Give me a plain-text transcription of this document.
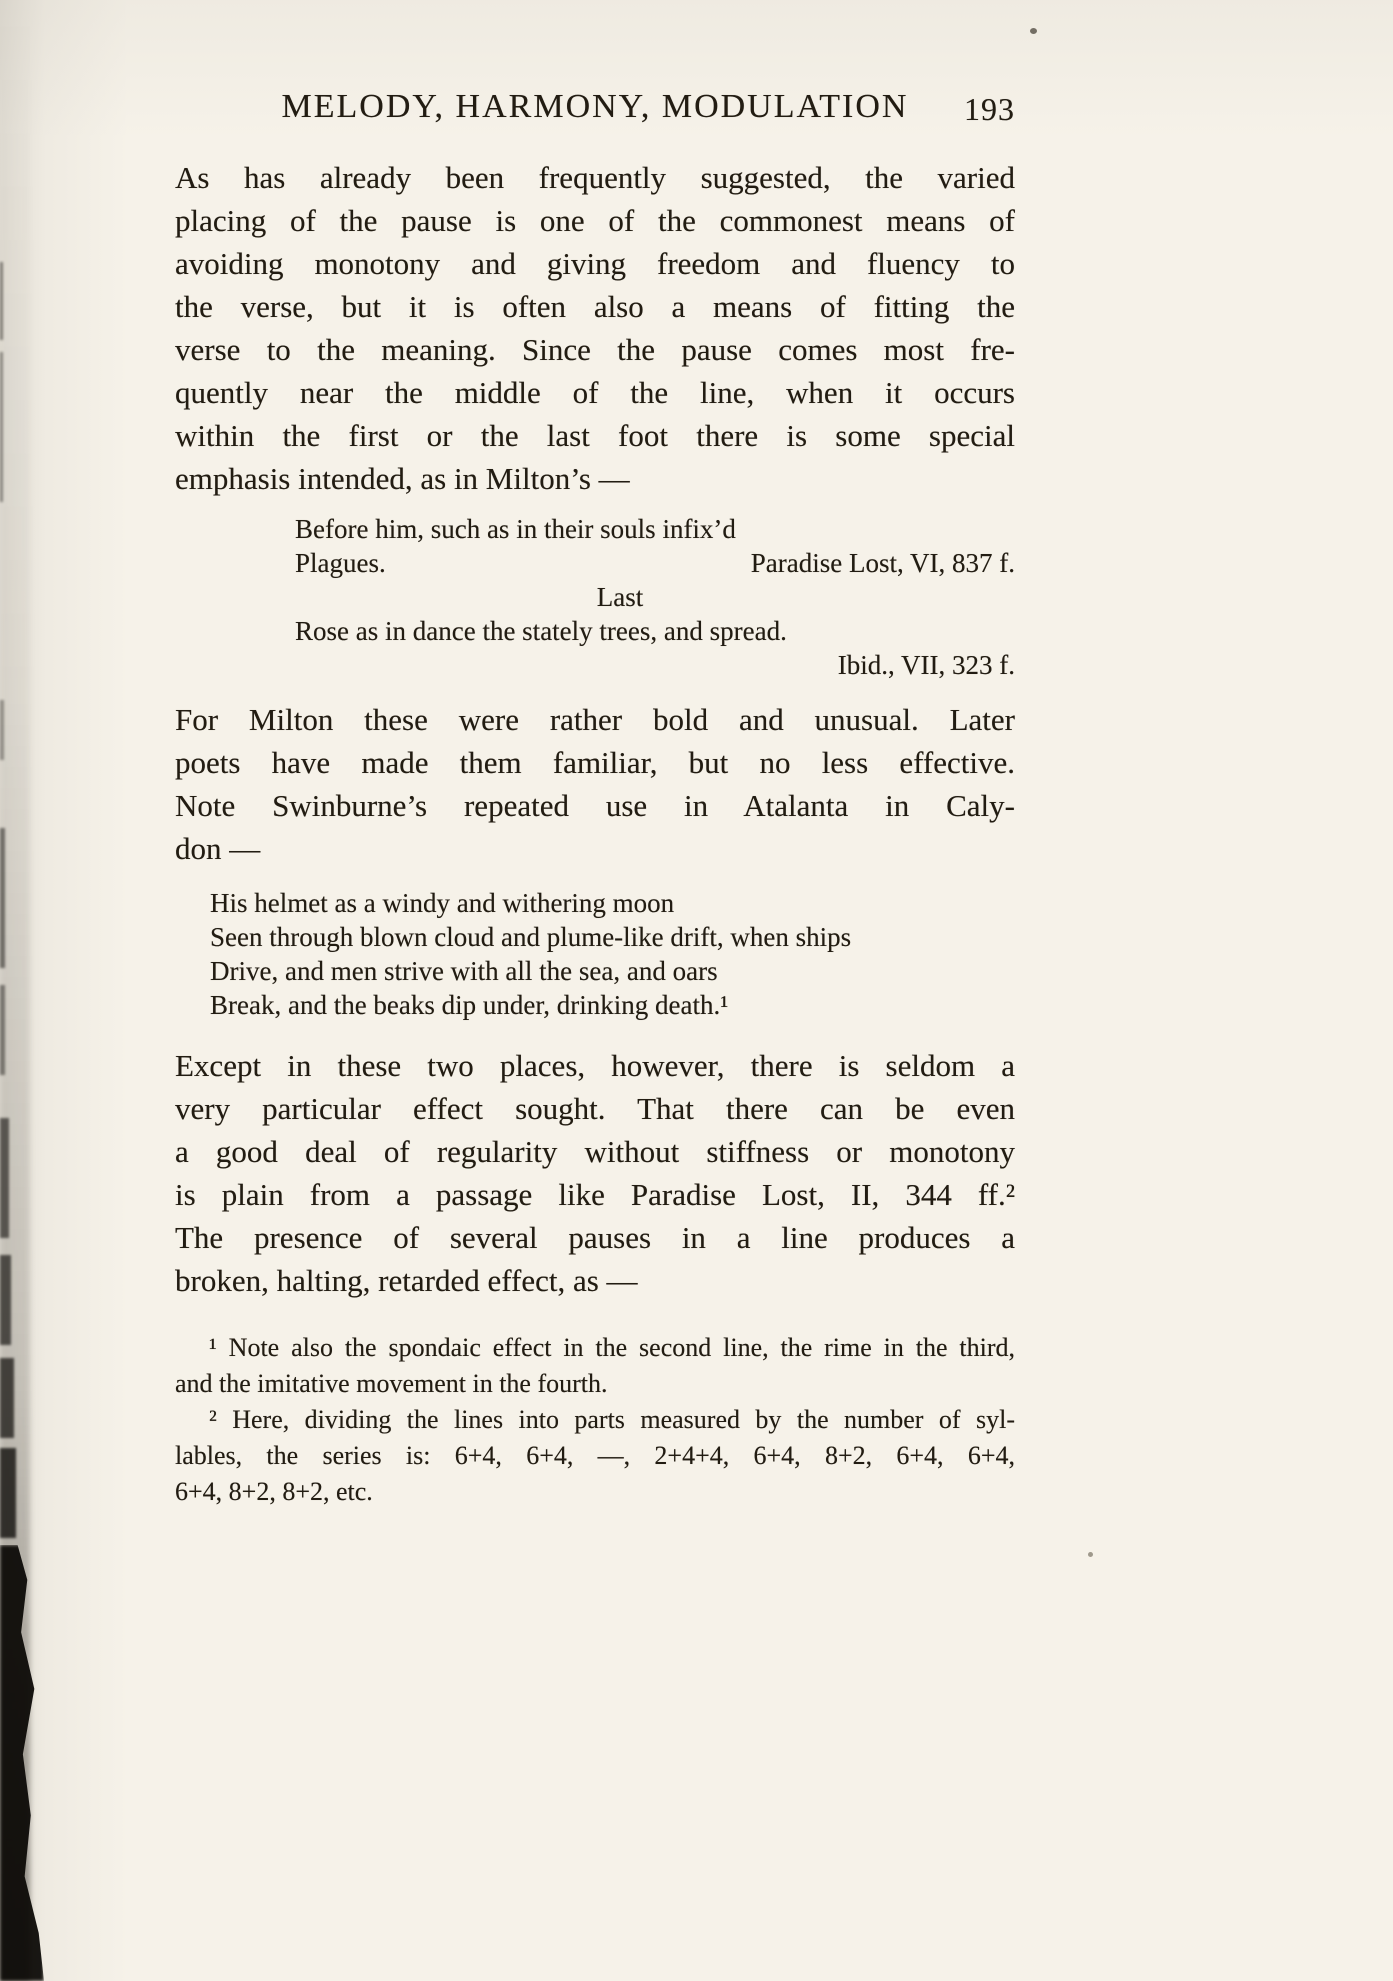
MELODY, HARMONY, MODULATION	193
As has already been frequently suggested, the varied
placing of the pause is one of the commonest means of
avoiding monotony and giving freedom and fluency to
the verse, but it is often also a means of fitting the
verse to the meaning. Since the pause comes most fre-
quently near the middle of the line, when it occurs
within the first or the last foot there is some special
emphasis intended, as in Milton’s —
Before him, such as in their souls infix’d
Plagues.	Paradise Lost, VI, 837 f.
Last
Rose as in dance the stately trees, and spread.
Ibid., VII, 323 f.
For Milton these were rather bold and unusual. Later
poets have made them familiar, but no less effective.
Note Swinburne’s repeated use in Atalanta in Caly-
don —
His helmet as a windy and withering moon
Seen through blown cloud and plume-like drift, when ships
Drive, and men strive with all the sea, and oars
Break, and the beaks dip under, drinking death.¹
Except in these two places, however, there is seldom a
very particular effect sought. That there can be even
a good deal of regularity without stiffness or monotony
is plain from a passage like Paradise Lost, II, 344 ff.²
The presence of several pauses in a line produces a
broken, halting, retarded effect, as —
¹ Note also the spondaic effect in the second line, the rime in the third,
and the imitative movement in the fourth.
² Here, dividing the lines into parts measured by the number of syl-
lables, the series is: 6+4, 6+4, —, 2+4+4, 6+4, 8+2, 6+4, 6+4,
6+4, 8+2, 8+2, etc.
